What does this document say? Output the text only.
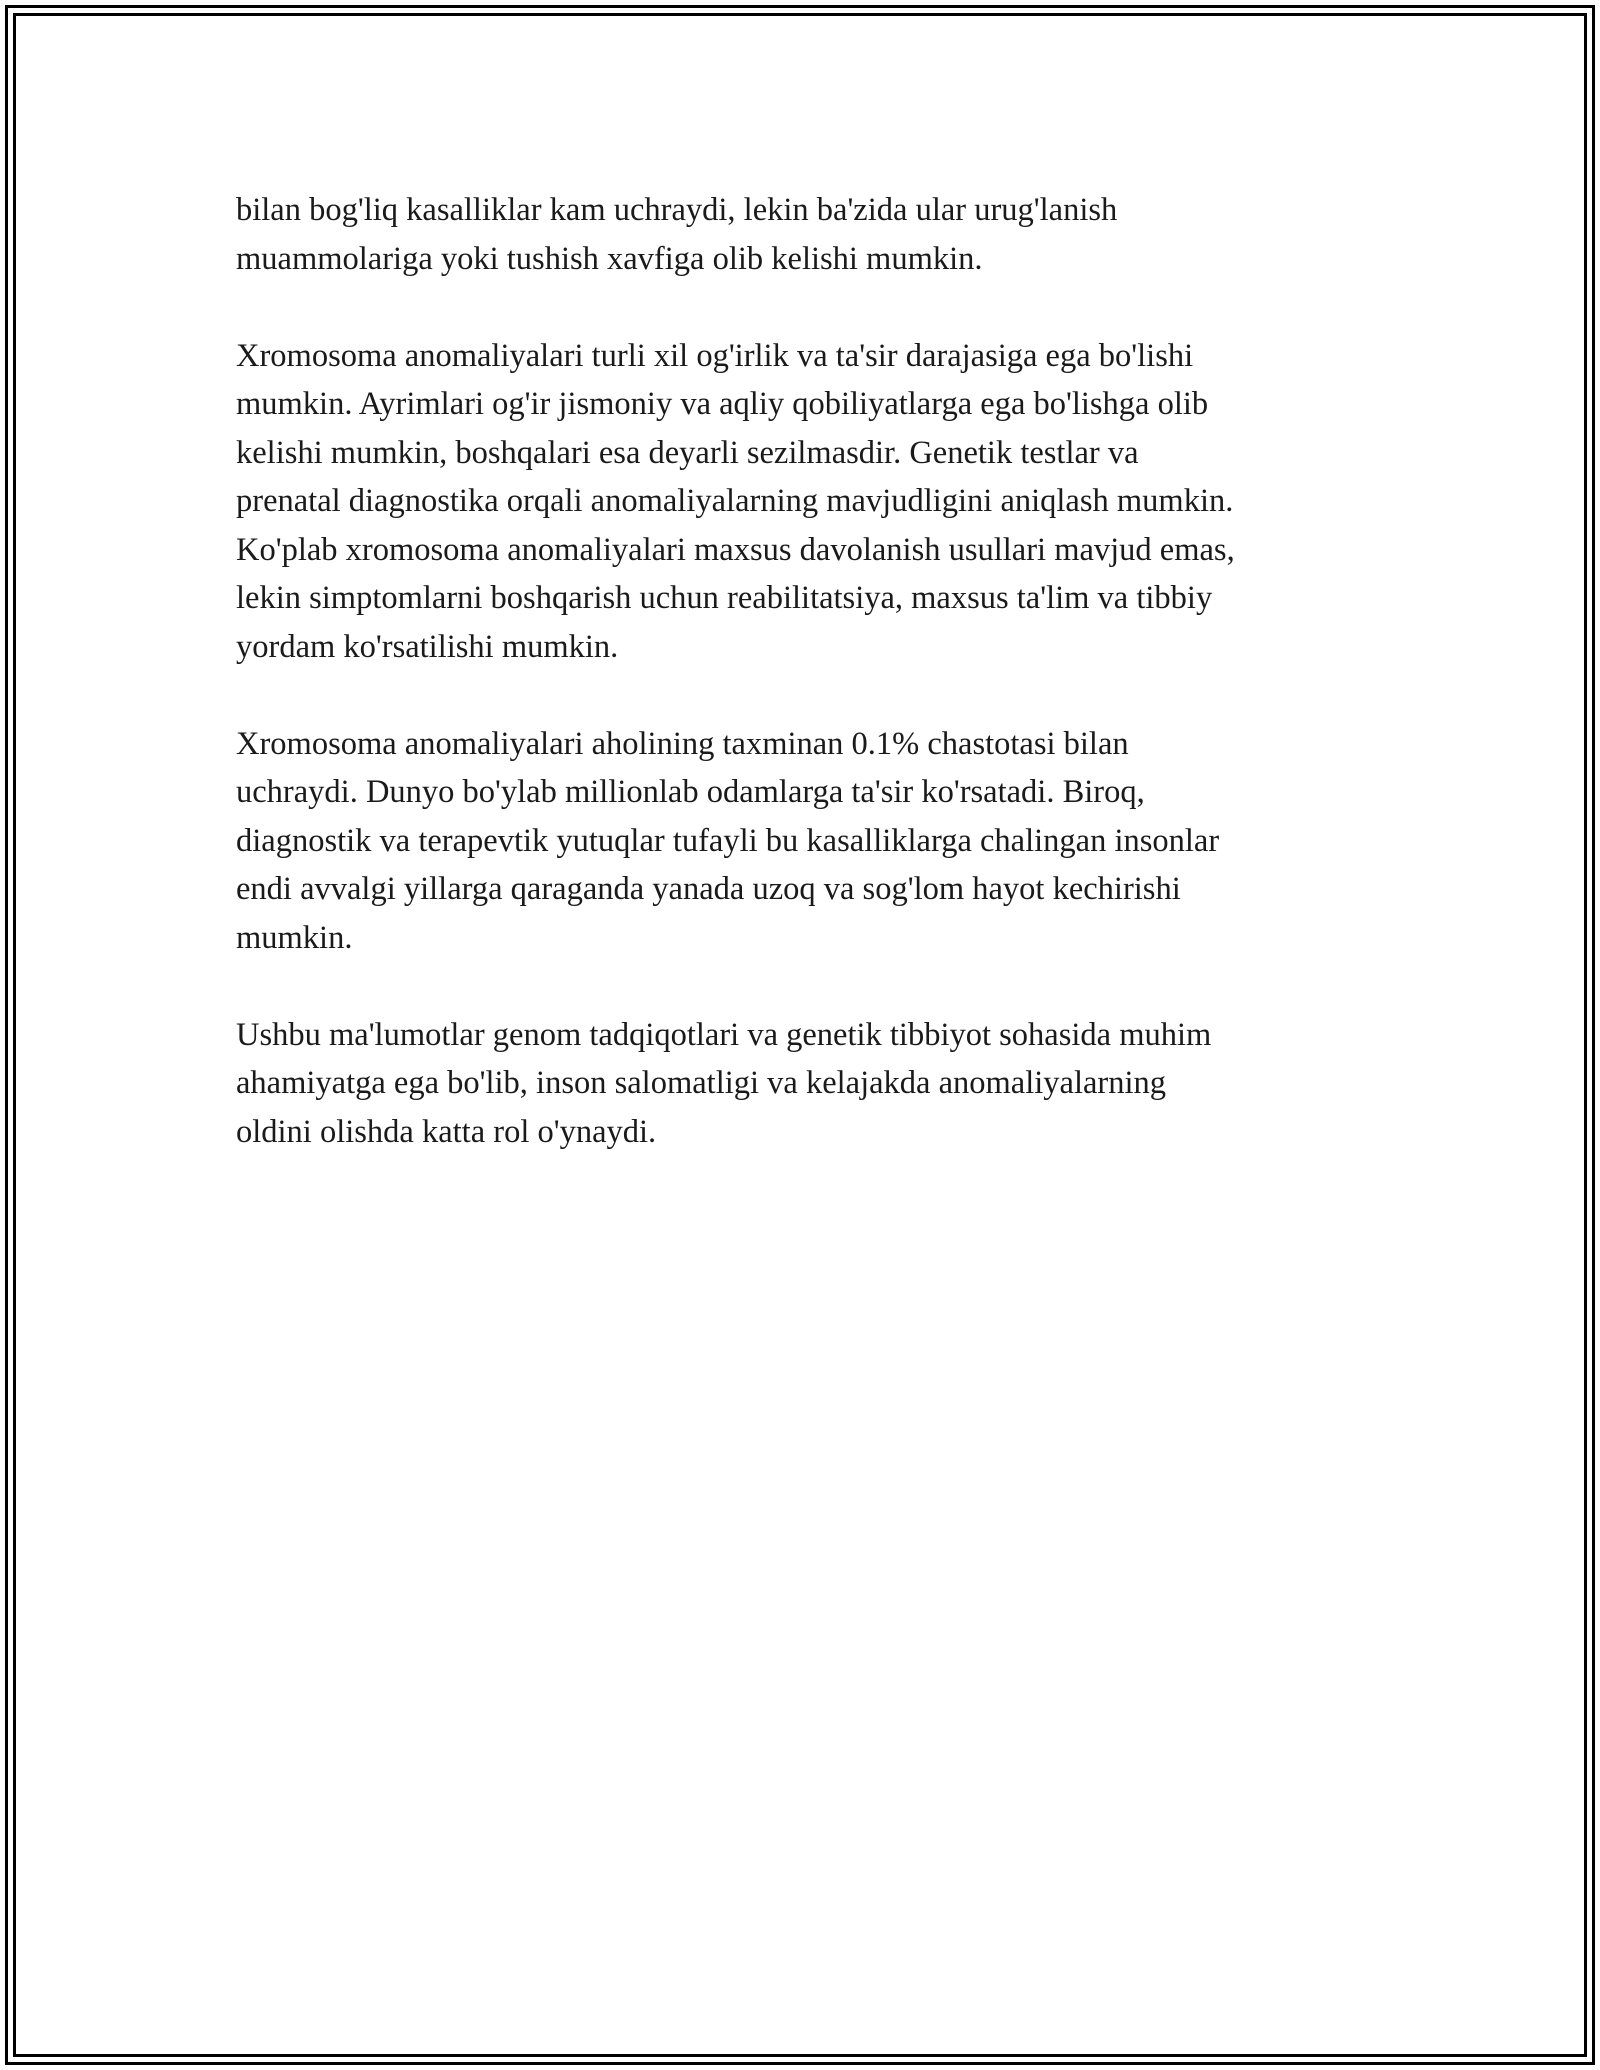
bilan bog'liq kasalliklar kam uchraydi, lekin ba'zida ular urug'lanish
muammolariga yoki tushish xavfiga olib kelishi mumkin.

Xromosoma anomaliyalari turli xil og'irlik va ta'sir darajasiga ega bo'lishi
mumkin. Ayrimlari og'ir jismoniy va aqliy qobiliyatlarga ega bo'lishga olib
kelishi mumkin, boshqalari esa deyarli sezilmasdir. Genetik testlar va
prenatal diagnostika orqali anomaliyalarning mavjudligini aniqlash mumkin.
Ko'plab xromosoma anomaliyalari maxsus davolanish usullari mavjud emas,
lekin simptomlarni boshqarish uchun reabilitatsiya, maxsus ta'lim va tibbiy
yordam ko'rsatilishi mumkin.

Xromosoma anomaliyalari aholining taxminan 0.1% chastotasi bilan
uchraydi. Dunyo bo'ylab millionlab odamlarga ta'sir ko'rsatadi. Biroq,
diagnostik va terapevtik yutuqlar tufayli bu kasalliklarga chalingan insonlar
endi avvalgi yillarga qaraganda yanada uzoq va sog'lom hayot kechirishi
mumkin.

Ushbu ma'lumotlar genom tadqiqotlari va genetik tibbiyot sohasida muhim
ahamiyatga ega bo'lib, inson salomatligi va kelajakda anomaliyalarning
oldini olishda katta rol o'ynaydi.
